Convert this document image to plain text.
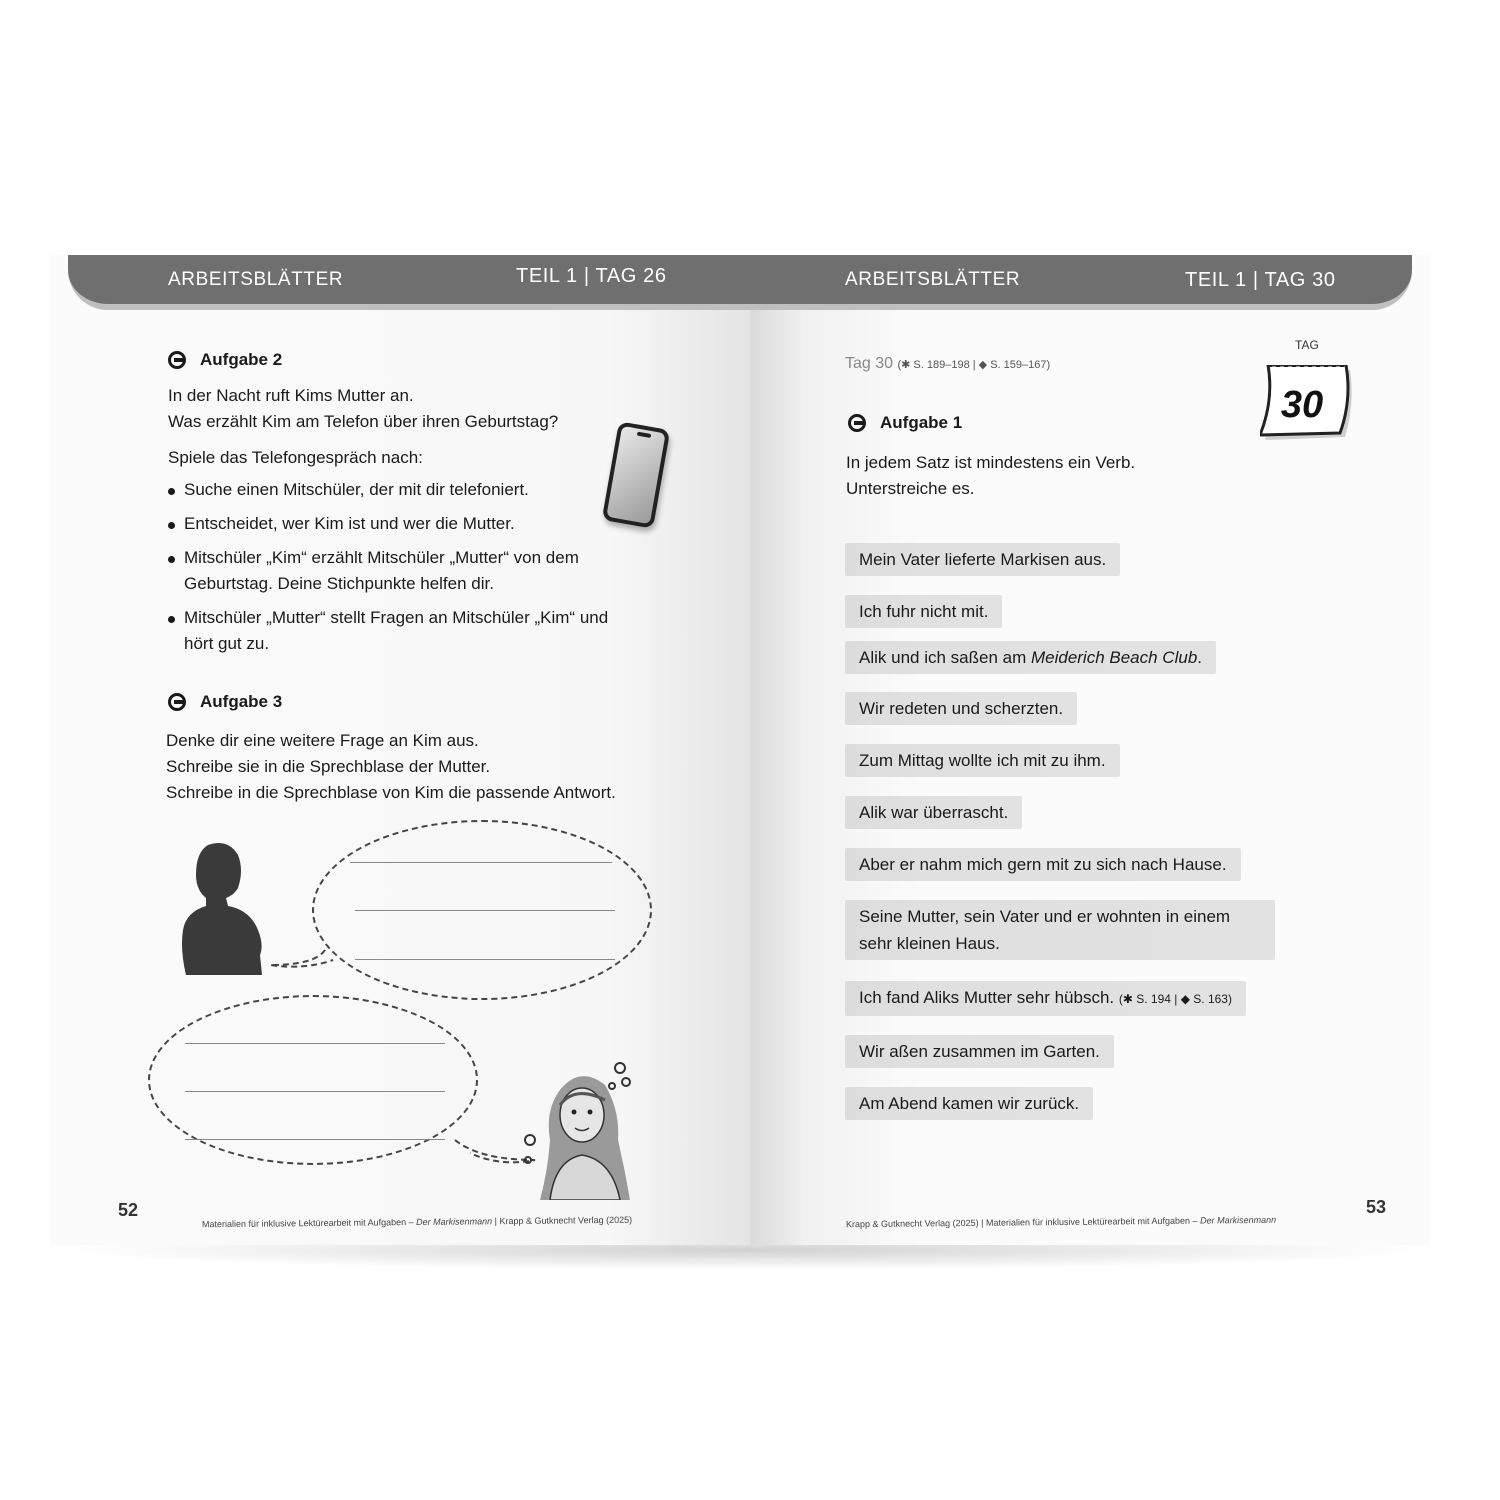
ARBEITSBLÄTTER	TEIL 1 | TAG 26
Aufgabe 2
In der Nacht ruft Kims Mutter an.
Was erzählt Kim am Telefon über ihren Geburtstag?
Spiele das Telefongespräch nach:
Suche einen Mitschüler, der mit dir telefoniert.
Entscheidet, wer Kim ist und wer die Mutter.
Mitschüler „Kim“ erzählt Mitschüler „Mutter“ von dem Geburtstag. Deine Stichpunkte helfen dir.
Mitschüler „Mutter“ stellt Fragen an Mitschüler „Kim“ und hört gut zu.
Aufgabe 3
Denke dir eine weitere Frage an Kim aus.
Schreibe sie in die Sprechblase der Mutter.
Schreibe in die Sprechblase von Kim die passende Antwort.
52
Materialien für inklusive Lektürearbeit mit Aufgaben – Der Markisenmann | Krapp & Gutknecht Verlag (2025)
ARBEITSBLÄTTER	TEIL 1 | TAG 30
Tag 30 (✱ S. 189–198 | ◆ S. 159–167)
TAG
30
Aufgabe 1
In jedem Satz ist mindestens ein Verb.
Unterstreiche es.
Mein Vater lieferte Markisen aus.
Ich fuhr nicht mit.
Alik und ich saßen am Meiderich Beach Club.
Wir redeten und scherzten.
Zum Mittag wollte ich mit zu ihm.
Alik war überrascht.
Aber er nahm mich gern mit zu sich nach Hause.
Seine Mutter, sein Vater und er wohnten in einem sehr kleinen Haus.
Ich fand Aliks Mutter sehr hübsch. (✱ S. 194 | ◆ S. 163)
Wir aßen zusammen im Garten.
Am Abend kamen wir zurück.
53
Krapp & Gutknecht Verlag (2025) | Materialien für inklusive Lektürearbeit mit Aufgaben – Der Markisenmann
